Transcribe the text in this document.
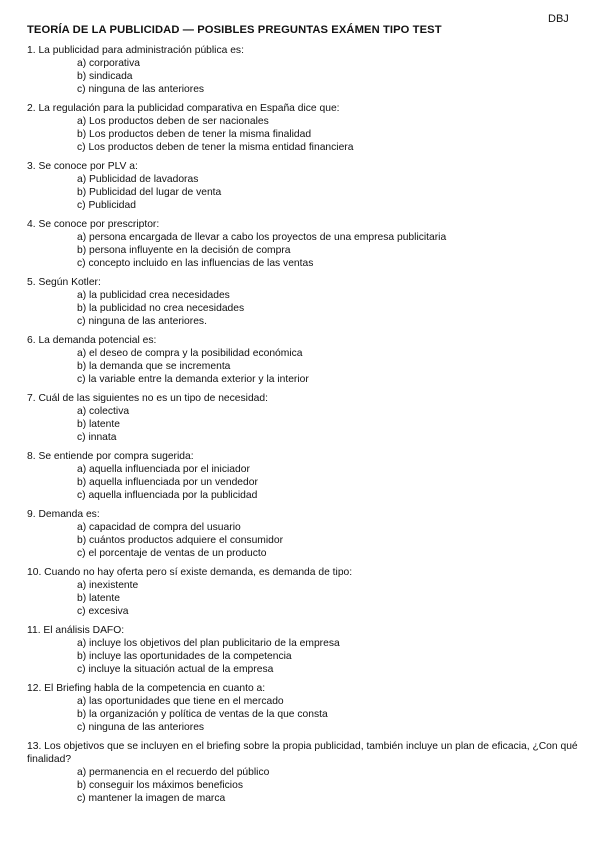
DBJ
TEORÍA DE LA PUBLICIDAD — POSIBLES PREGUNTAS EXÁMEN TIPO TEST
1. La publicidad para administración pública es:
a) corporativa
b) sindicada
c) ninguna de las anteriores
2. La regulación para la publicidad comparativa en España dice que:
a) Los productos deben de ser nacionales
b) Los productos deben de tener la misma finalidad
c) Los productos deben de tener la misma entidad financiera
3. Se conoce por PLV a:
a) Publicidad de lavadoras
b) Publicidad del lugar de venta
c) Publicidad
4. Se conoce por prescriptor:
a) persona encargada de llevar a cabo los proyectos de una empresa publicitaria
b) persona influyente en la decisión de compra
c) concepto incluido en las influencias de las ventas
5. Según Kotler:
a) la publicidad crea necesidades
b) la publicidad no crea necesidades
c) ninguna de las anteriores.
6. La demanda potencial es:
a) el deseo de compra y la posibilidad económica
b) la demanda que se incrementa
c) la variable entre la demanda exterior y la interior
7. Cuál de las siguientes no es un tipo de necesidad:
a) colectiva
b) latente
c) innata
8. Se entiende por compra sugerida:
a) aquella influenciada por el iniciador
b) aquella influenciada por un vendedor
c) aquella influenciada por la publicidad
9. Demanda es:
a) capacidad de compra del usuario
b) cuántos productos adquiere el consumidor
c) el porcentaje de ventas de un producto
10. Cuando no hay oferta pero sí existe demanda, es demanda de tipo:
a) inexistente
b) latente
c) excesiva
11. El análisis DAFO:
a) incluye los objetivos del plan publicitario de la empresa
b) incluye las oportunidades de la competencia
c) incluye la situación actual de la empresa
12. El Briefing habla de la competencia en cuanto a:
a) las oportunidades que tiene en el mercado
b) la organización y política de ventas de la que consta
c) ninguna de las anteriores
13. Los objetivos que se incluyen en el briefing sobre la propia publicidad, también incluye un plan de eficacia, ¿Con qué finalidad?
a) permanencia en el recuerdo del público
b) conseguir los máximos beneficios
c) mantener la imagen de marca
